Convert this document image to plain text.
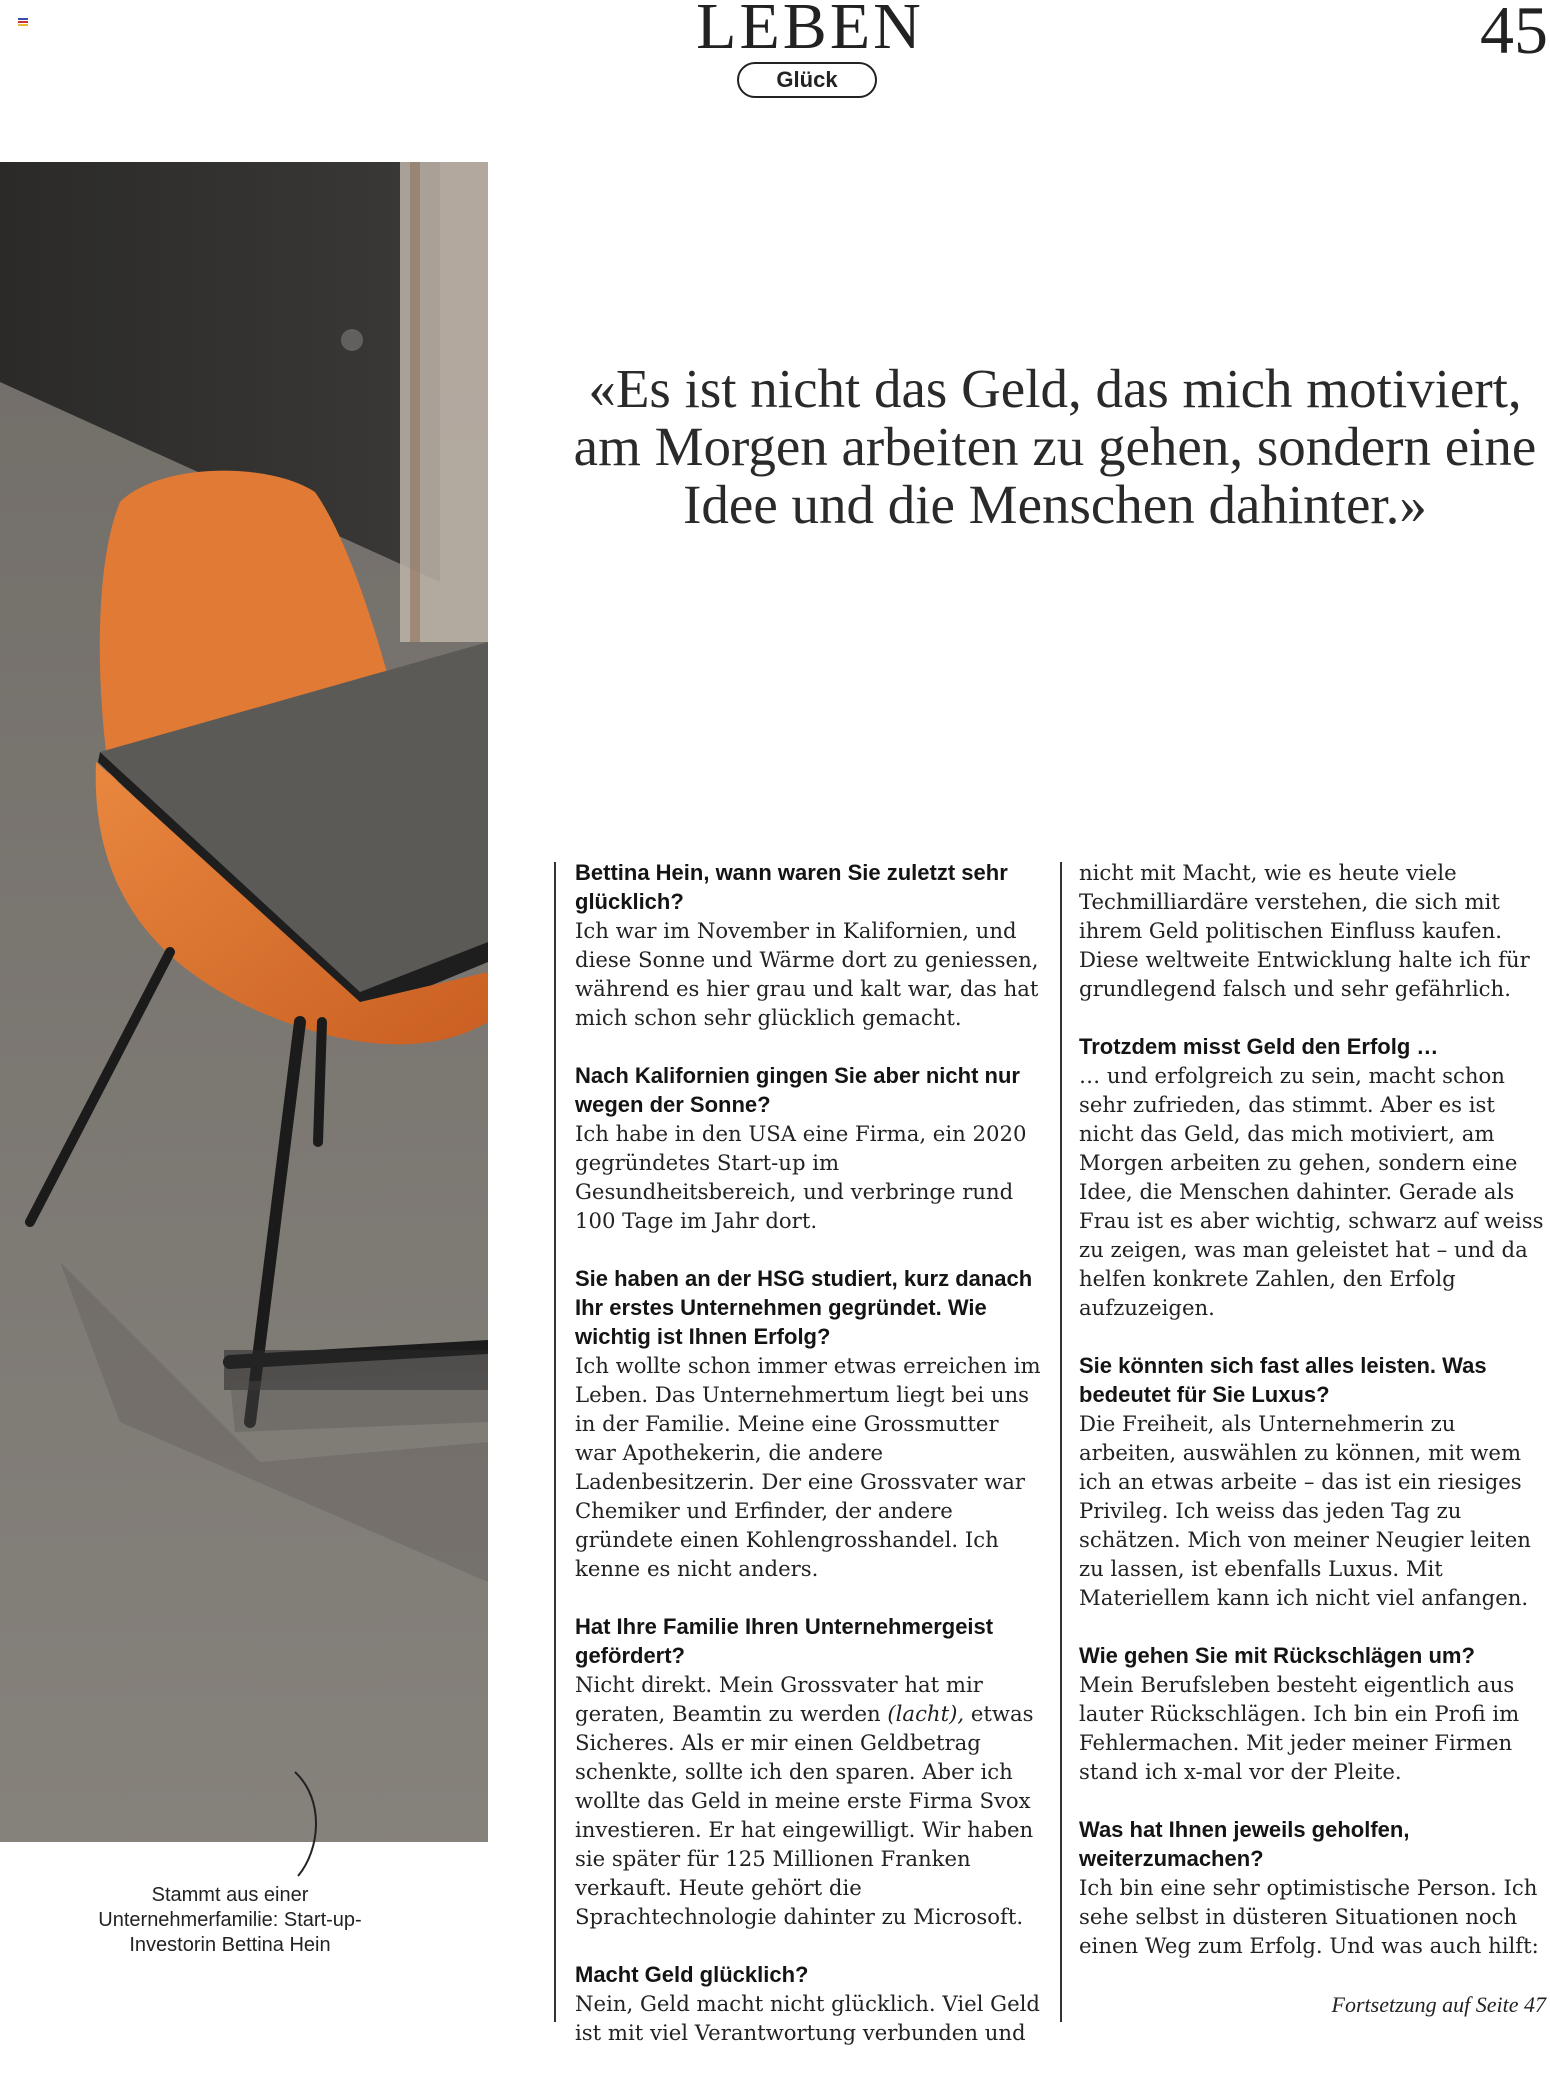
LEBEN
Glück
45
Stammt aus einer Unternehmerfamilie: Start-up-Investorin Bettina Hein
«Es ist nicht das Geld, das mich motiviert,
am Morgen arbeiten zu gehen, sondern eine
Idee und die Menschen dahinter.»

Bettina Hein, wann waren Sie zuletzt sehr glücklich?
Ich war im November in Kalifornien, und diese Sonne und Wärme dort zu geniessen, während es hier grau und kalt war, das hat mich schon sehr glücklich gemacht.

Nach Kalifornien gingen Sie aber nicht nur wegen der Sonne?
Ich habe in den USA eine Firma, ein 2020 gegründetes Start-up im Gesundheitsbereich, und verbringe rund 100 Tage im Jahr dort.

Sie haben an der HSG studiert, kurz danach Ihr erstes Unternehmen gegründet. Wie wichtig ist Ihnen Erfolg?
Ich wollte schon immer etwas erreichen im Leben. Das Unternehmertum liegt bei uns in der Familie. Meine eine Grossmutter war Apothekerin, die andere Ladenbesitzerin. Der eine Grossvater war Chemiker und Erfinder, der andere gründete einen Kohlengrosshandel. Ich kenne es nicht anders.

Hat Ihre Familie Ihren Unternehmergeist gefördert?
Nicht direkt. Mein Grossvater hat mir geraten, Beamtin zu werden (lacht), etwas Sicheres. Als er mir einen Geldbetrag schenkte, sollte ich den sparen. Aber ich wollte das Geld in meine erste Firma Svox investieren. Er hat eingewilligt. Wir haben sie später für 125 Millionen Franken verkauft. Heute gehört die Sprachtechnologie dahinter zu Microsoft.

Macht Geld glücklich?
Nein, Geld macht nicht glücklich. Viel Geld ist mit viel Verantwortung verbunden und

nicht mit Macht, wie es heute viele Techmilliardäre verstehen, die sich mit ihrem Geld politischen Einfluss kaufen. Diese weltweite Entwicklung halte ich für grundlegend falsch und sehr gefährlich.

Trotzdem misst Geld den Erfolg …
… und erfolgreich zu sein, macht schon sehr zufrieden, das stimmt. Aber es ist nicht das Geld, das mich motiviert, am Morgen arbeiten zu gehen, sondern eine Idee, die Menschen dahinter. Gerade als Frau ist es aber wichtig, schwarz auf weiss zu zeigen, was man geleistet hat – und da helfen konkrete Zahlen, den Erfolg aufzuzeigen.

Sie könnten sich fast alles leisten. Was bedeutet für Sie Luxus?
Die Freiheit, als Unternehmerin zu arbeiten, auswählen zu können, mit wem ich an etwas arbeite – das ist ein riesiges Privileg. Ich weiss das jeden Tag zu schätzen. Mich von meiner Neugier leiten zu lassen, ist ebenfalls Luxus. Mit Materiellem kann ich nicht viel anfangen.

Wie gehen Sie mit Rückschlägen um?
Mein Berufsleben besteht eigentlich aus lauter Rückschlägen. Ich bin ein Profi im Fehlermachen. Mit jeder meiner Firmen stand ich x-mal vor der Pleite.

Was hat Ihnen jeweils geholfen, weiterzumachen?
Ich bin eine sehr optimistische Person. Ich sehe selbst in düsteren Situationen noch einen Weg zum Erfolg. Und was auch hilft:

Fortsetzung auf Seite 47
